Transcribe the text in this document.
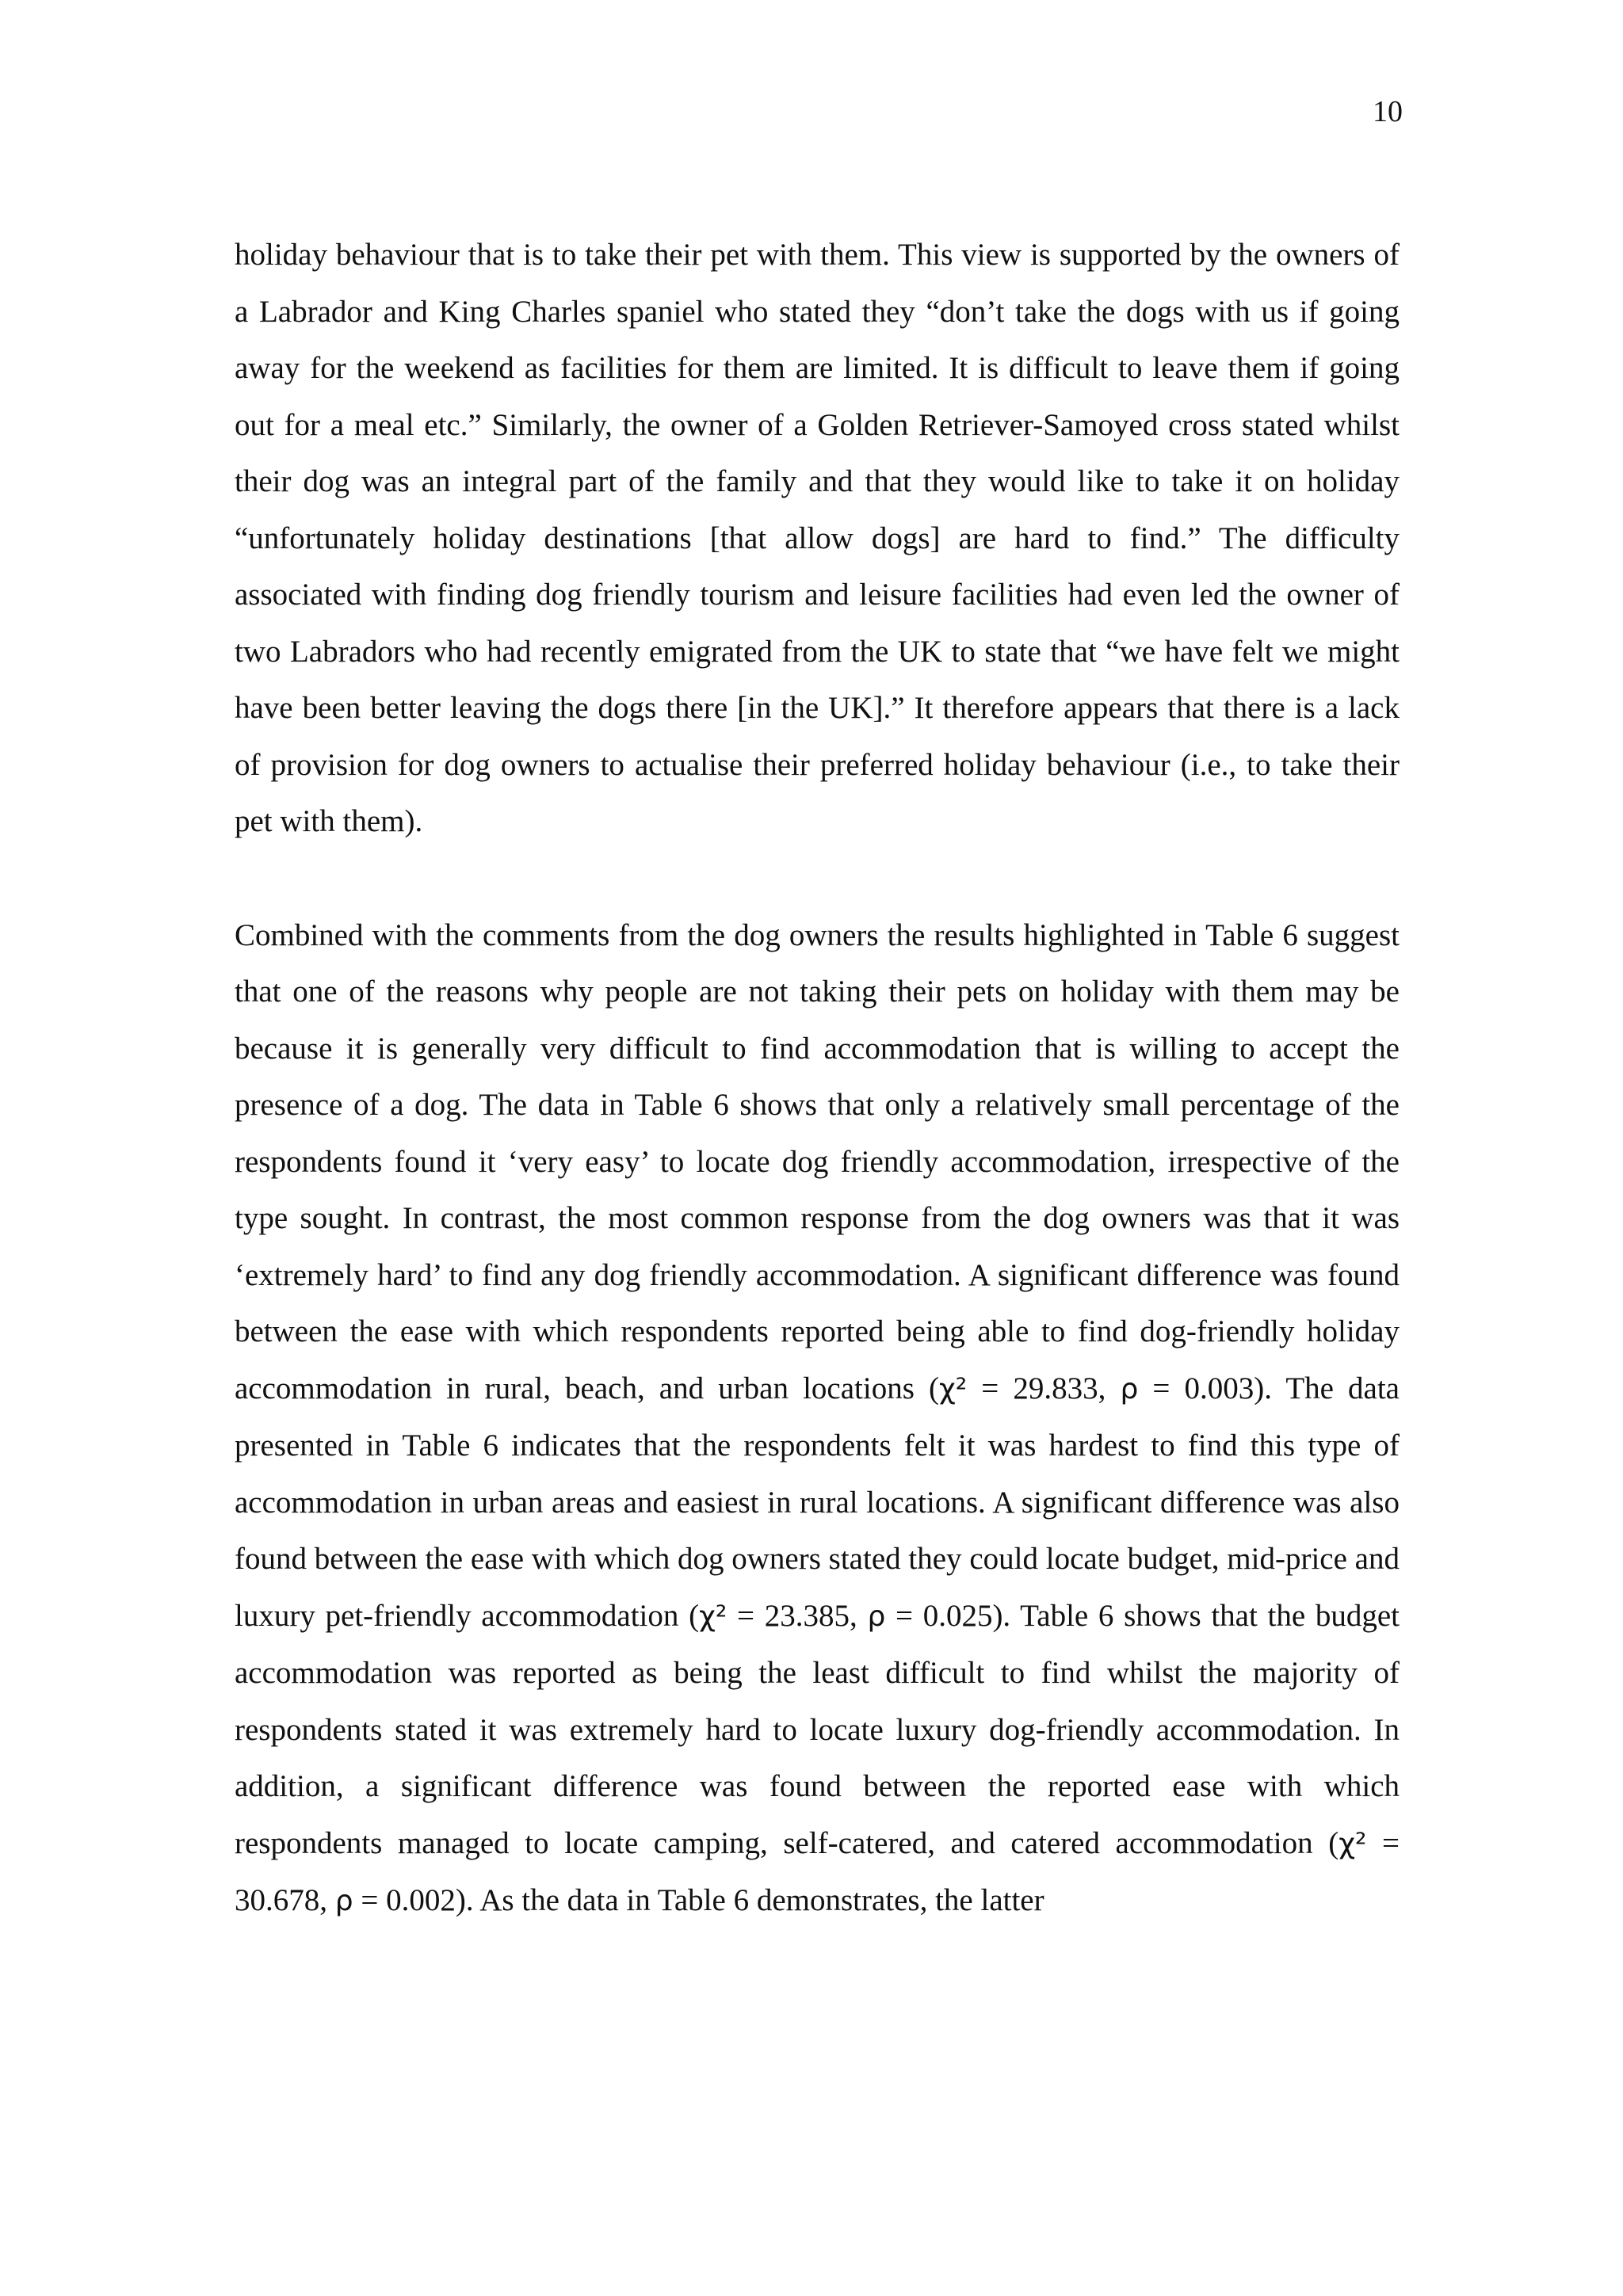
10

holiday behaviour that is to take their pet with them. This view is supported by the owners of a Labrador and King Charles spaniel who stated they “don’t take the dogs with us if going away for the weekend as facilities for them are limited. It is difficult to leave them if going out for a meal etc.” Similarly, the owner of a Golden Retriever-Samoyed cross stated whilst their dog was an integral part of the family and that they would like to take it on holiday “unfortunately holiday destinations [that allow dogs] are hard to find.” The difficulty associated with finding dog friendly tourism and leisure facilities had even led the owner of two Labradors who had recently emigrated from the UK to state that “we have felt we might have been better leaving the dogs there [in the UK].” It therefore appears that there is a lack of provision for dog owners to actualise their preferred holiday behaviour (i.e., to take their pet with them).

Combined with the comments from the dog owners the results highlighted in Table 6 suggest that one of the reasons why people are not taking their pets on holiday with them may be because it is generally very difficult to find accommodation that is willing to accept the presence of a dog. The data in Table 6 shows that only a relatively small percentage of the respondents found it ‘very easy’ to locate dog friendly accommodation, irrespective of the type sought. In contrast, the most common response from the dog owners was that it was ‘extremely hard’ to find any dog friendly accommodation. A significant difference was found between the ease with which respondents reported being able to find dog-friendly holiday accommodation in rural, beach, and urban locations (χ² = 29.833, ρ = 0.003). The data presented in Table 6 indicates that the respondents felt it was hardest to find this type of accommodation in urban areas and easiest in rural locations. A significant difference was also found between the ease with which dog owners stated they could locate budget, mid-price and luxury pet-friendly accommodation (χ² = 23.385, ρ = 0.025). Table 6 shows that the budget accommodation was reported as being the least difficult to find whilst the majority of respondents stated it was extremely hard to locate luxury dog-friendly accommodation. In addition, a significant difference was found between the reported ease with which respondents managed to locate camping, self-catered, and catered accommodation (χ² = 30.678, ρ = 0.002). As the data in Table 6 demonstrates, the latter
